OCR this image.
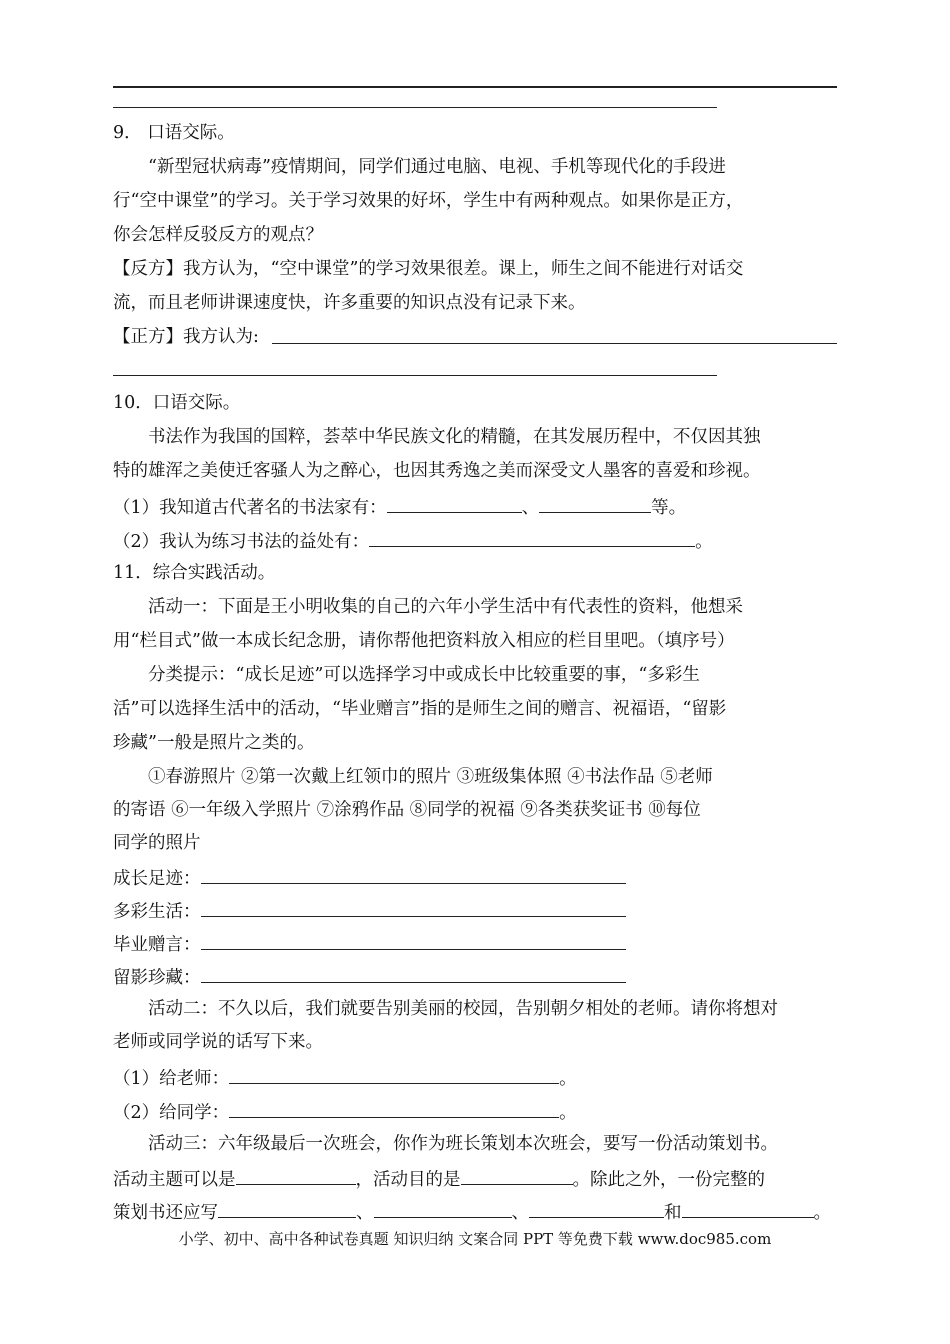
9． 口语交际。
“新型冠状病毒”疫情期间，同学们通过电脑、电视、手机等现代化的手段进
行“空中课堂”的学习。关于学习效果的好坏，学生中有两种观点。如果你是正方，
你会怎样反驳反方的观点？
【反方】我方认为，“空中课堂”的学习效果很差。课上，师生之间不能进行对话交
流，而且老师讲课速度快，许多重要的知识点没有记录下来。
【正方】我方认为:
10．口语交际。
书法作为我国的国粹，荟萃中华民族文化的精髓，在其发展历程中，不仅因其独
特的雄浑之美使迁客骚人为之醉心，也因其秀逸之美而深受文人墨客的喜爱和珍视。
（1）我知道古代著名的书法家有：	、	等。
（2）我认为练习书法的益处有：	。
11．综合实践活动。
活动一：下面是王小明收集的自己的六年小学生活中有代表性的资料，他想采
用“栏目式”做一本成长纪念册，请你帮他把资料放入相应的栏目里吧。（填序号）
分类提示：“成长足迹”可以选择学习中或成长中比较重要的事，“多彩生
活”可以选择生活中的活动，“毕业赠言”指的是师生之间的赠言、祝福语，“留影
珍藏”一般是照片之类的。
①春游照片 ②第一次戴上红领巾的照片 ③班级集体照 ④书法作品 ⑤老师
的寄语 ⑥一年级入学照片 ⑦涂鸦作品 ⑧同学的祝福 ⑨各类获奖证书 ⑩每位
同学的照片
成长足迹：
多彩生活：
毕业赠言：
留影珍藏：
活动二：不久以后，我们就要告别美丽的校园，告别朝夕相处的老师。请你将想对
老师或同学说的话写下来。
（1）给老师：	。
（2）给同学：	。
活动三：六年级最后一次班会，你作为班长策划本次班会，要写一份活动策划书。
活动主题可以是	，活动目的是	。除此之外，一份完整的
策划书还应写	、	、	和	。
小学、初中、高中各种试卷真题 知识归纳 文案合同 PPT 等免费下载 www.doc985.com
